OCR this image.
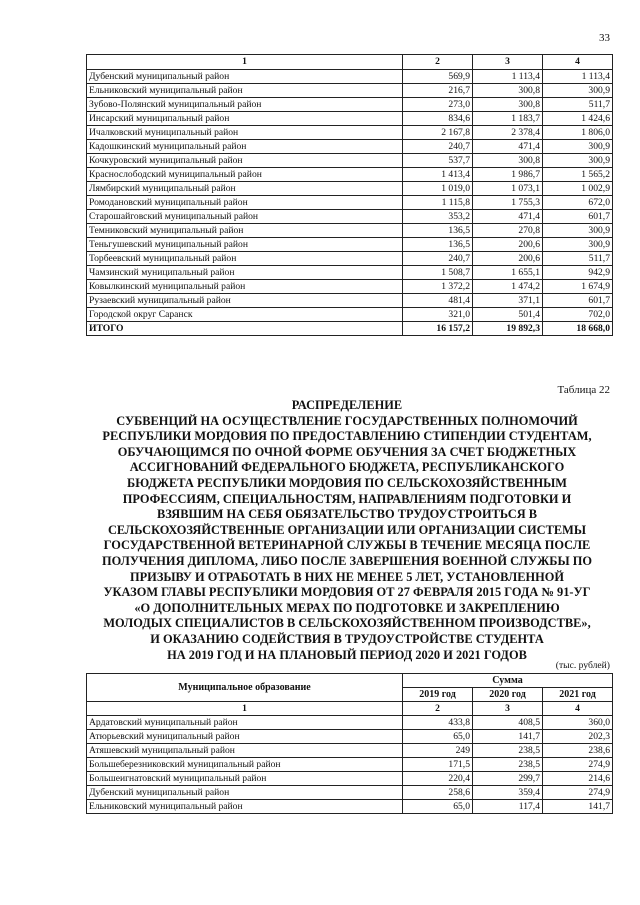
33
1	2	3	4
Дубенский муниципальный район	569,9	1 113,4	1 113,4
Ельниковский муниципальный район	216,7	300,8	300,9
Зубово-Полянский муниципальный район	273,0	300,8	511,7
Инсарский муниципальный район	834,6	1 183,7	1 424,6
Ичалковский муниципальный район	2 167,8	2 378,4	1 806,0
Кадошкинский муниципальный район	240,7	471,4	300,9
Кочкуровский муниципальный район	537,7	300,8	300,9
Краснослободский муниципальный район	1 413,4	1 986,7	1 565,2
Лямбирский муниципальный район	1 019,0	1 073,1	1 002,9
Ромодановский муниципальный район	1 115,8	1 755,3	672,0
Старошайговский муниципальный район	353,2	471,4	601,7
Темниковский муниципальный район	136,5	270,8	300,9
Теньгушевский муниципальный район	136,5	200,6	300,9
Торбеевский муниципальный район	240,7	200,6	511,7
Чамзинский муниципальный район	1 508,7	1 655,1	942,9
Ковылкинский муниципальный район	1 372,2	1 474,2	1 674,9
Рузаевский муниципальный район	481,4	371,1	601,7
Городской округ Саранск	321,0	501,4	702,0
ИТОГО	16 157,2	19 892,3	18 668,0
Таблица 22
РАСПРЕДЕЛЕНИЕ
СУБВЕНЦИЙ НА ОСУЩЕСТВЛЕНИЕ ГОСУДАРСТВЕННЫХ ПОЛНОМОЧИЙ
РЕСПУБЛИКИ МОРДОВИЯ ПО ПРЕДОСТАВЛЕНИЮ СТИПЕНДИИ СТУДЕНТАМ,
ОБУЧАЮЩИМСЯ ПО ОЧНОЙ ФОРМЕ ОБУЧЕНИЯ ЗА СЧЕТ БЮДЖЕТНЫХ
АССИГНОВАНИЙ ФЕДЕРАЛЬНОГО БЮДЖЕТА, РЕСПУБЛИКАНСКОГО
БЮДЖЕТА РЕСПУБЛИКИ МОРДОВИЯ ПО СЕЛЬСКОХОЗЯЙСТВЕННЫМ
ПРОФЕССИЯМ, СПЕЦИАЛЬНОСТЯМ, НАПРАВЛЕНИЯМ ПОДГОТОВКИ И
ВЗЯВШИМ НА СЕБЯ ОБЯЗАТЕЛЬСТВО ТРУДОУСТРОИТЬСЯ В
СЕЛЬСКОХОЗЯЙСТВЕННЫЕ ОРГАНИЗАЦИИ ИЛИ ОРГАНИЗАЦИИ СИСТЕМЫ
ГОСУДАРСТВЕННОЙ ВЕТЕРИНАРНОЙ СЛУЖБЫ В ТЕЧЕНИЕ МЕСЯЦА ПОСЛЕ
ПОЛУЧЕНИЯ ДИПЛОМА, ЛИБО ПОСЛЕ ЗАВЕРШЕНИЯ ВОЕННОЙ СЛУЖБЫ ПО
ПРИЗЫВУ И ОТРАБОТАТЬ В НИХ НЕ МЕНЕЕ 5 ЛЕТ, УСТАНОВЛЕННОЙ
УКАЗОМ ГЛАВЫ РЕСПУБЛИКИ МОРДОВИЯ ОТ 27 ФЕВРАЛЯ 2015 ГОДА № 91-УГ
«О ДОПОЛНИТЕЛЬНЫХ МЕРАХ ПО ПОДГОТОВКЕ И ЗАКРЕПЛЕНИЮ
МОЛОДЫХ СПЕЦИАЛИСТОВ В СЕЛЬСКОХОЗЯЙСТВЕННОМ ПРОИЗВОДСТВЕ»,
И ОКАЗАНИЮ СОДЕЙСТВИЯ В ТРУДОУСТРОЙСТВЕ СТУДЕНТА
НА 2019 ГОД И НА ПЛАНОВЫЙ ПЕРИОД 2020 И 2021 ГОДОВ
(тыс. рублей)
Муниципальное образование	Сумма		
	2019 год	2020 год	2021 год
1	2	3	4
Ардатовский муниципальный район	433,8	408,5	360,0
Атюрьевский муниципальный район	65,0	141,7	202,3
Атяшевский муниципальный район	249	238,5	238,6
Большеберезниковский муниципальный район	171,5	238,5	274,9
Большеигнатовский муниципальный район	220,4	299,7	214,6
Дубенский муниципальный район	258,6	359,4	274,9
Ельниковский муниципальный район	65,0	117,4	141,7
